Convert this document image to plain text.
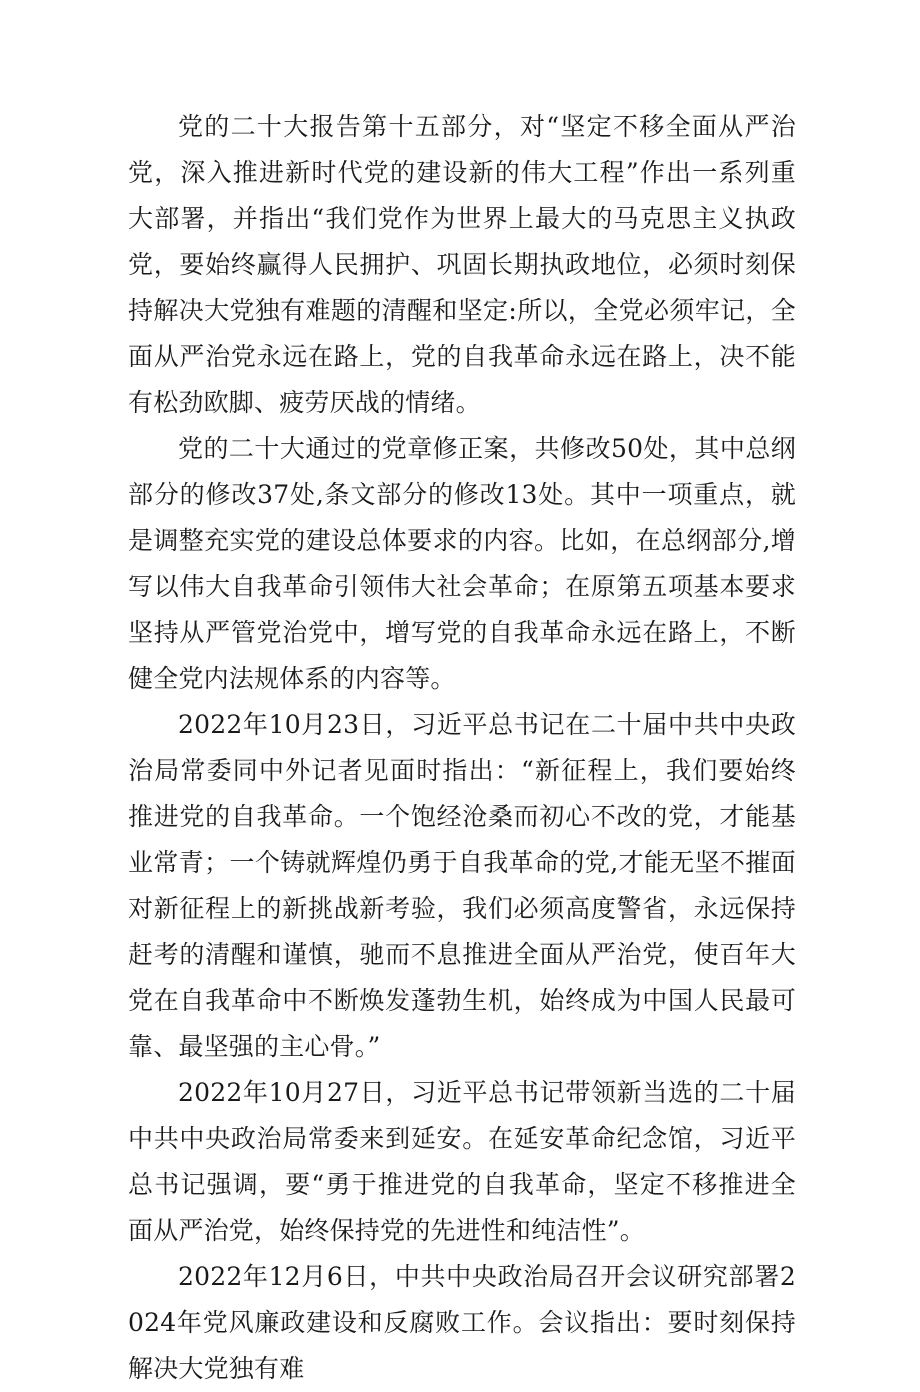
党的二十大报告第十五部分，对“坚定不移全面从严治党，深入推进新时代党的建设新的伟大工程”作出一系列重大部署，并指出“我们党作为世界上最大的马克思主义执政党，要始终赢得人民拥护、巩固长期执政地位，必须时刻保持解决大党独有难题的清醒和坚定:所以，全党必须牢记，全面从严治党永远在路上，党的自我革命永远在路上，决不能有松劲欧脚、疲劳厌战的情绪。

党的二十大通过的党章修正案，共修改50处，其中总纲部分的修改37处,条文部分的修改13处。其中一项重点，就是调整充实党的建设总体要求的内容。比如，在总纲部分,增写以伟大自我革命引领伟大社会革命；在原第五项基本要求坚持从严管党治党中，增写党的自我革命永远在路上，不断健全党内法规体系的内容等。

2022年10月23日，习近平总书记在二十届中共中央政治局常委同中外记者见面时指出：“新征程上，我们要始终推进党的自我革命。一个饱经沧桑而初心不改的党，才能基业常青；一个铸就辉煌仍勇于自我革命的党,才能无坚不摧面对新征程上的新挑战新考验，我们必须高度警省，永远保持赶考的清醒和谨慎，驰而不息推进全面从严治党，使百年大党在自我革命中不断焕发蓬勃生机，始终成为中国人民最可靠、最坚强的主心骨。”

2022年10月27日，习近平总书记带领新当选的二十届中共中央政治局常委来到延安。在延安革命纪念馆，习近平总书记强调，要“勇于推进党的自我革命，坚定不移推进全面从严治党，始终保持党的先进性和纯洁性”。

2022年12月6日，中共中央政治局召开会议研究部署2024年党风廉政建设和反腐败工作。会议指出：要时刻保持解决大党独有难
